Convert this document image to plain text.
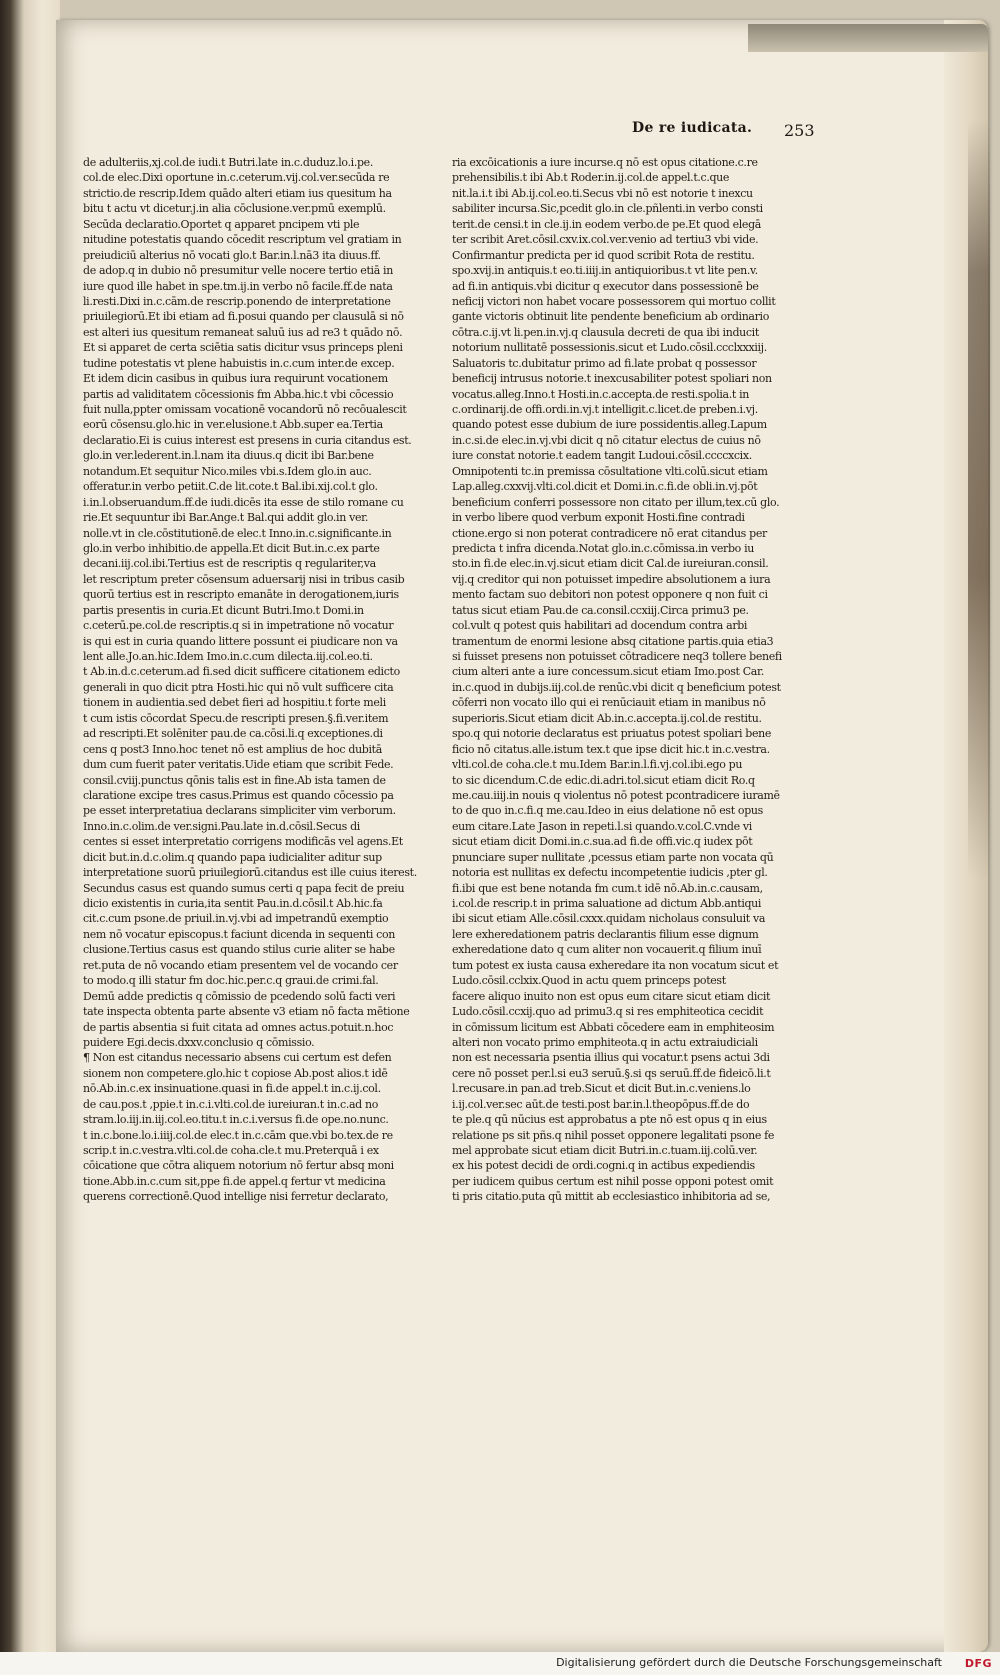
De re iudicata. 253
de adulteriis,xj.col.de iudi.t Butri.late in.c.duduz.lo.i.pe.
col.de elec.Dixi oportune in.c.ceterum.vij.col.ver.secūda re
strictio.de rescrip.Idem quādo alteri etiam ius quesitum ha
bitu t actu vt dicetur.j.in alia cōclusione.ver.pmū exemplū.
Secūda declaratio.Oportet q apparet pncipem vti ple
nitudine potestatis quando cōcedit rescriptum vel gratiam in
preiudiciū alterius nō vocati glo.t Bar.in.l.nā3 ita diuus.ff.
de adop.q in dubio nō presumitur velle nocere tertio etiā in
iure quod ille habet in spe.tm.ij.in verbo nō facile.ff.de nata
li.resti.Dixi in.c.cām.de rescrip.ponendo de interpretatione
priuilegiorū.Et ibi etiam ad fi.posui quando per clausulā si nō
est alteri ius quesitum remaneat saluū ius ad re3 t quādo nō.
Et si apparet de certa sciētia satis dicitur vsus princeps pleni
tudine potestatis vt plene habuistis in.c.cum inter.de excep.
Et idem dicin casibus in quibus iura requirunt vocationem
partis ad validitatem cōcessionis fm Abba.hic.t vbi cōcessio
fuit nulla,ppter omissam vocationē vocandorū nō recōualescit
eorū cōsensu.glo.hic in ver.elusione.t Abb.super ea.Tertia
declaratio.Ei is cuius interest est presens in curia citandus est.
glo.in ver.lederent.in.l.nam ita diuus.q dicit ibi Bar.bene
notandum.Et sequitur Nico.miles vbi.s.Idem glo.in auc.
offeratur.in verbo petiit.C.de lit.cote.t Bal.ibi.xij.col.t glo.
i.in.l.obseruandum.ff.de iudi.dicēs ita esse de stilo romane cu
rie.Et sequuntur ibi Bar.Ange.t Bal.qui addit glo.in ver.
nolle.vt in cle.cōstitutionē.de elec.t Inno.in.c.significante.in
glo.in verbo inhibitio.de appella.Et dicit But.in.c.ex parte
decani.iij.col.ibi.Tertius est de rescriptis q regulariter,va
let rescriptum preter cōsensum aduersarij nisi in tribus casib
quorū tertius est in rescripto emanāte in derogationem,iuris
partis presentis in curia.Et dicunt Butri.Imo.t Domi.in
c.ceterū.pe.col.de rescriptis.q si in impetratione nō vocatur
is qui est in curia quando littere possunt ei piudicare non va
lent alle.Jo.an.hic.Idem Imo.in.c.cum dilecta.iij.col.eo.ti.
t Ab.in.d.c.ceterum.ad fi.sed dicit sufficere citationem edicto
generali in quo dicit ptra Hosti.hic qui nō vult sufficere cita
tionem in audientia.sed debet fieri ad hospitiu.t forte meli
t cum istis cōcordat Specu.de rescripti presen.§.fi.ver.item
ad rescripti.Et solēniter pau.de ca.cōsi.li.q exceptiones.di
cens q post3 Inno.hoc tenet nō est amplius de hoc dubitā
dum cum fuerit pater veritatis.Uide etiam que scribit Fede.
consil.cviij.punctus qōnis talis est in fine.Ab ista tamen de
claratione excipe tres casus.Primus est quando cōcessio pa
pe esset interpretatiua declarans simpliciter vim verborum.
Inno.in.c.olim.de ver.signi.Pau.late in.d.cōsil.Secus di
centes si esset interpretatio corrigens modificās vel agens.Et
dicit but.in.d.c.olim.q quando papa iudicialiter aditur sup
interpretatione suorū priuilegiorū.citandus est ille cuius iterest.
Secundus casus est quando sumus certi q papa fecit de preiu
dicio existentis in curia,ita sentit Pau.in.d.cōsil.t Ab.hic.fa
cit.c.cum psone.de priuil.in.vj.vbi ad impetrandū exemptio
nem nō vocatur episcopus.t faciunt dicenda in sequenti con
clusione.Tertius casus est quando stilus curie aliter se habe
ret.puta de nō vocando etiam presentem vel de vocando cer
to modo.q illi statur fm doc.hic.per.c.q graui.de crimi.fal.
Demū adde predictis q cōmissio de pcedendo solū facti veri
tate inspecta obtenta parte absente v3 etiam nō facta mētione
de partis absentia si fuit citata ad omnes actus.potuit.n.hoc
puidere Egi.decis.dxxv.conclusio q cōmissio.
¶ Non est citandus necessario absens cui certum est defen
sionem non competere.glo.hic t copiose Ab.post alios.t idē
nō.Ab.in.c.ex insinuatione.quasi in fi.de appel.t in.c.ij.col.
de cau.pos.t ,ppie.t in.c.i.vlti.col.de iureiuran.t in.c.ad no
stram.lo.iij.in.iij.col.eo.titu.t in.c.i.versus fi.de ope.no.nunc.
t in.c.bone.lo.i.iiij.col.de elec.t in.c.cām que.vbi bo.tex.de re
scrip.t in.c.vestra.vlti.col.de coha.cle.t mu.Preterquā i ex
cōicatione que cōtra aliquem notorium nō fertur absq moni
tione.Abb.in.c.cum sit,ppe fi.de appel.q fertur vt medicina
querens correctionē.Quod intellige nisi ferretur declarato,
ria excōicationis a iure incurse.q nō est opus citatione.c.re
prehensibilis.t ibi Ab.t Roder.in.ij.col.de appel.t.c.que
nit.la.i.t ibi Ab.ij.col.eo.ti.Secus vbi nō est notorie t inexcu
sabiliter incursa.Sic,pcedit glo.in cle.pñlenti.in verbo consti
terit.de censi.t in cle.ij.in eodem verbo.de pe.Et quod elegā
ter scribit Aret.cōsil.cxv.ix.col.ver.venio ad tertiu3 vbi vide.
Confirmantur predicta per id quod scribit Rota de restitu.
spo.xvij.in antiquis.t eo.ti.iiij.in antiquioribus.t vt lite pen.v.
ad fi.in antiquis.vbi dicitur q executor dans possessionē be
neficij victori non habet vocare possessorem qui mortuo collit
gante victoris obtinuit lite pendente beneficium ab ordinario
cōtra.c.ij.vt li.pen.in.vj.q clausula decreti de qua ibi inducit
notorium nullitatē possessionis.sicut et Ludo.cōsil.ccclxxxiij.
Saluatoris tc.dubitatur primo ad fi.late probat q possessor
beneficij intrusus notorie.t inexcusabiliter potest spoliari non
vocatus.alleg.Inno.t Hosti.in.c.accepta.de resti.spolia.t in
c.ordinarij.de offi.ordi.in.vj.t intelligit.c.licet.de preben.i.vj.
quando potest esse dubium de iure possidentis.alleg.Lapum
in.c.si.de elec.in.vj.vbi dicit q nō citatur electus de cuius nō
iure constat notorie.t eadem tangit Ludoui.cōsil.ccccxcix.
Omnipotenti tc.in premissa cōsultatione vlti.colū.sicut etiam
Lap.alleg.cxxvij.vlti.col.dicit et Domi.in.c.fi.de obli.in.vj.pōt
beneficium conferri possessore non citato per illum,tex.cū glo.
in verbo libere quod verbum exponit Hosti.fine contradi
ctione.ergo si non poterat contradicere nō erat citandus per
predicta t infra dicenda.Notat glo.in.c.cōmissa.in verbo iu
sto.in fi.de elec.in.vj.sicut etiam dicit Cal.de iureiuran.consil.
vij.q creditor qui non potuisset impedire absolutionem a iura
mento factam suo debitori non potest opponere q non fuit ci
tatus sicut etiam Pau.de ca.consil.ccxiij.Circa primu3 pe.
col.vult q potest quis habilitari ad docendum contra arbi
tramentum de enormi lesione absq citatione partis.quia etia3
si fuisset presens non potuisset cōtradicere neq3 tollere benefi
cium alteri ante a iure concessum.sicut etiam Imo.post Car.
in.c.quod in dubijs.iij.col.de renūc.vbi dicit q beneficium potest
cōferri non vocato illo qui ei renūciauit etiam in manibus nō
superioris.Sicut etiam dicit Ab.in.c.accepta.ij.col.de restitu.
spo.q qui notorie declaratus est priuatus potest spoliari bene
ficio nō citatus.alle.istum tex.t que ipse dicit hic.t in.c.vestra.
vlti.col.de coha.cle.t mu.Idem Bar.in.l.fi.vj.col.ibi.ego pu
to sic dicendum.C.de edic.di.adri.tol.sicut etiam dicit Ro.q
me.cau.iiij.in nouis q violentus nō potest pcontradicere iuramē
to de quo in.c.fi.q me.cau.Ideo in eius delatione nō est opus
eum citare.Late Jason in repeti.l.si quando.v.col.C.vnde vi
sicut etiam dicit Domi.in.c.sua.ad fi.de offi.vic.q iudex pōt
pnunciare super nullitate ,pcessus etiam parte non vocata qū
notoria est nullitas ex defectu incompetentie iudicis ,pter gl.
fi.ibi que est bene notanda fm cum.t idē nō.Ab.in.c.causam,
i.col.de rescrip.t in prima saluatione ad dictum Abb.antiqui
ibi sicut etiam Alle.cōsil.cxxx.quidam nicholaus consuluit va
lere exheredationem patris declarantis filium esse dignum
exheredatione dato q cum aliter non vocauerit.q filium inuī
tum potest ex iusta causa exheredare ita non vocatum sicut et
Ludo.cōsil.cclxix.Quod in actu quem princeps potest
facere aliquo inuito non est opus eum citare sicut etiam dicit
Ludo.cōsil.ccxij.quo ad primu3.q si res emphiteotica cecidit
in cōmissum licitum est Abbati cōcedere eam in emphiteosim
alteri non vocato primo emphiteota.q in actu extraiudiciali
non est necessaria psentia illius qui vocatur.t psens actui 3di
cere nō posset per.l.si eu3 seruū.§.si qs seruū.ff.de fideicō.li.t
l.recusare.in pan.ad treb.Sicut et dicit But.in.c.veniens.lo
i.ij.col.ver.sec aūt.de testi.post bar.in.l.theopōpus.ff.de do
te ple.q qū nūcius est approbatus a pte nō est opus q in eius
relatione ps sit pñs.q nihil posset opponere legalitati psone fe
mel approbate sicut etiam dicit Butri.in.c.tuam.iij.colū.ver.
ex his potest decidi de ordi.cogni.q in actibus expediendis
per iudicem quibus certum est nihil posse opponi potest omit
ti pris citatio.puta qū mittit ab ecclesiastico inhibitoria ad se,
Digitalisierung gefördert durch die Deutsche Forschungsgemeinschaft DFG
